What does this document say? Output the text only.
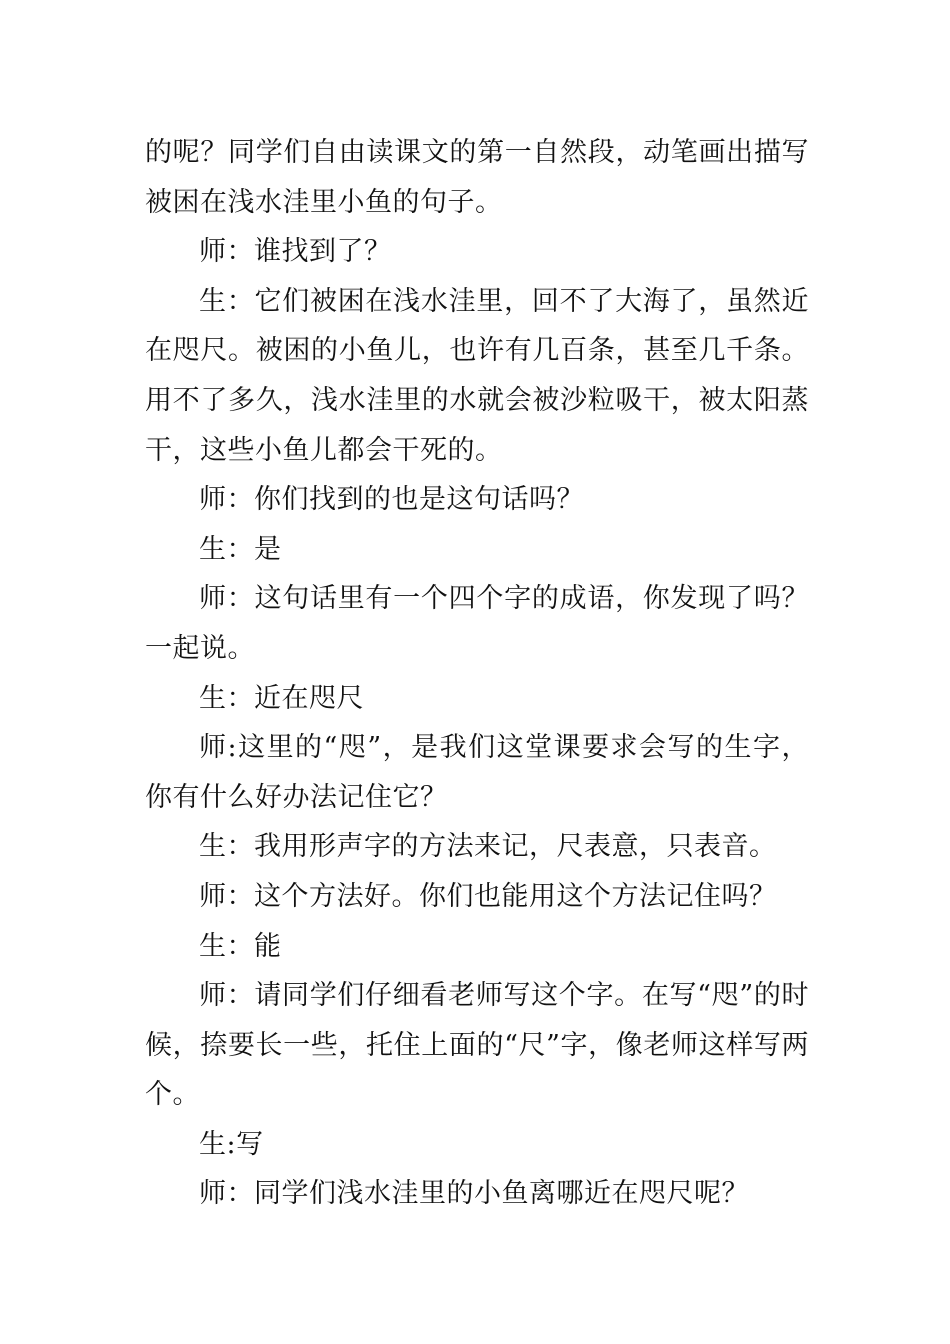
的呢？同学们自由读课文的第一自然段，动笔画出描写被困在浅水洼里小鱼的句子。

师：谁找到了？

生：它们被困在浅水洼里，回不了大海了，虽然近在咫尺。被困的小鱼儿，也许有几百条，甚至几千条。用不了多久，浅水洼里的水就会被沙粒吸干，被太阳蒸干，这些小鱼儿都会干死的。

师：你们找到的也是这句话吗？

生：是

师：这句话里有一个四个字的成语，你发现了吗？一起说。

生：近在咫尺

师:这里的“咫”，是我们这堂课要求会写的生字，你有什么好办法记住它？

生：我用形声字的方法来记，尺表意，只表音。

师：这个方法好。你们也能用这个方法记住吗？

生：能

师：请同学们仔细看老师写这个字。在写“咫”的时候，捺要长一些，托住上面的“尺”字，像老师这样写两个。

生:写

师：同学们浅水洼里的小鱼离哪近在咫尺呢？
